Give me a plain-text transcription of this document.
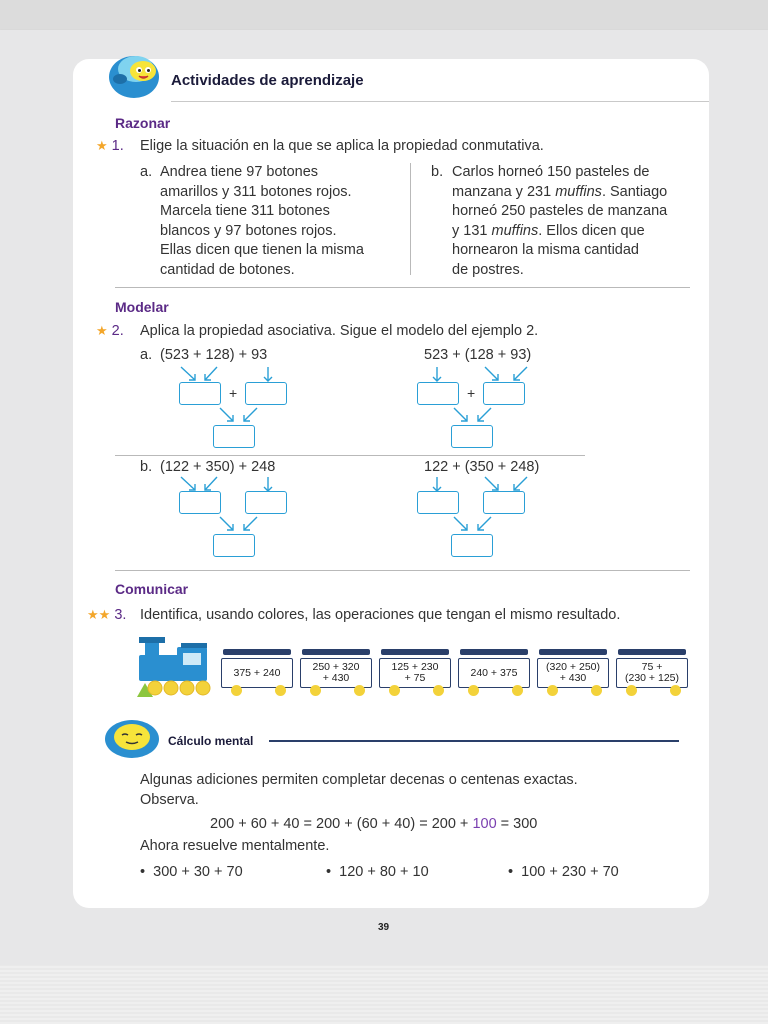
Actividades de aprendizaje
Razonar
★ 1.	Elige la situación en la que se aplica la propiedad conmutativa.
a. Andrea tiene 97 botones
amarillos y 311 botones rojos.
Marcela tiene 311 botones
blancos y 97 botones rojos.
Ellas dicen que tienen la misma
cantidad de botones.
b. Carlos horneó 150 pasteles de
manzana y 231 muffins. Santiago
horneó 250 pasteles de manzana
y 131 muffins. Ellos dicen que
hornearon la misma cantidad
de postres.
Modelar
★ 2.	Aplica la propiedad asociativa. Sigue el modelo del ejemplo 2.
a. (523 + 128) + 93	523 + (128 + 93)
+	+
b. (122 + 350) + 248	122 + (350 + 248)
Comunicar
★★ 3. Identifica, usando colores, las operaciones que tengan el mismo resultado.
375 + 240	250 + 320
+ 430
125 + 230
+ 75	240 + 375	(320 + 250)
+ 430
75 +
(230 + 125)
Cálculo mental
Algunas adiciones permiten completar decenas o centenas exactas.
Observa.
200 + 60 + 40 = 200 + (60 + 40) = 200 + 100 = 300
Ahora resuelve mentalmente.
•  300 + 30 + 70	•  120 + 80 + 10	•  100 + 230 + 70
39
